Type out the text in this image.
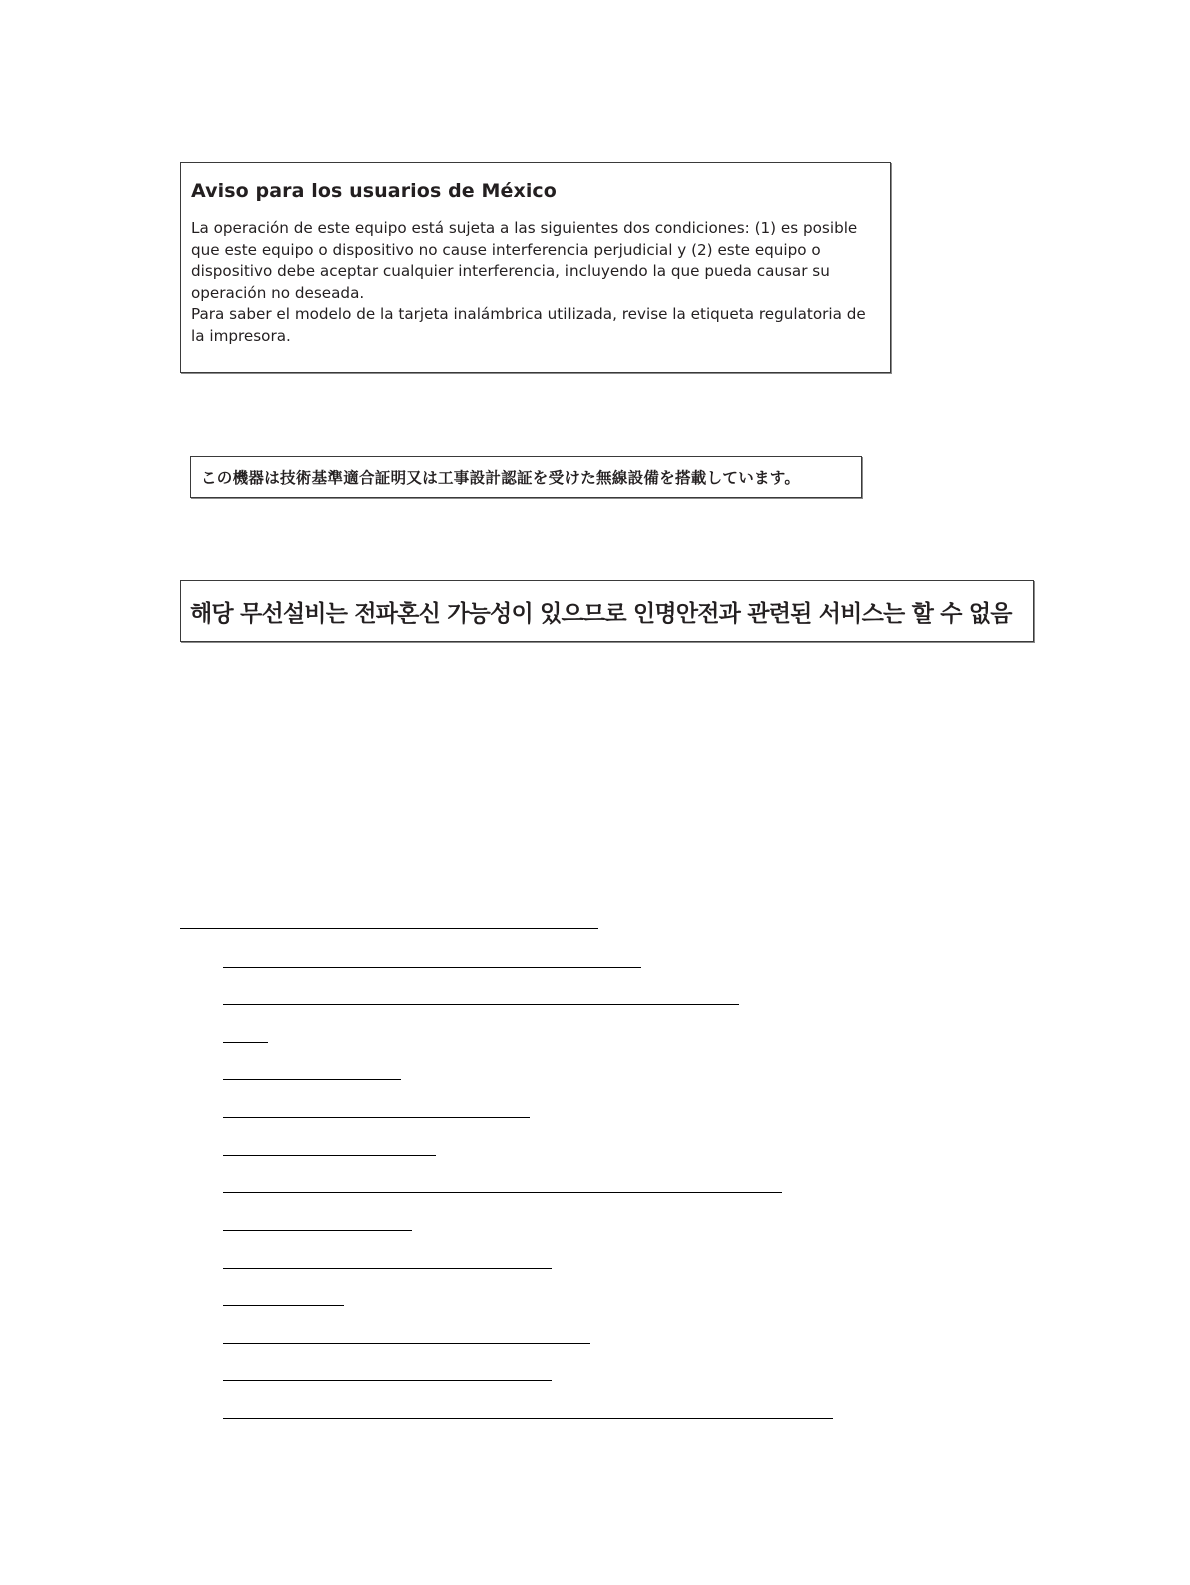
Aviso para los usuarios de México

La operación de este equipo está sujeta a las siguientes dos condiciones: (1) es posible

que este equipo o dispositivo no cause interferencia perjudicial y (2) este equipo o

dispositivo debe aceptar cualquier interferencia, incluyendo la que pueda causar su

operación no deseada.

Para saber el modelo de la tarjeta inalámbrica utilizada, revise la etiqueta regulatoria de

la impresora.

この機器は技術基準適合証明又は工事設計認証を受けた無線設備を搭載しています。
해당 무선설비는 전파혼신 가능성이 있으므로 인명안전과 관련된 서비스는 할 수 없음
